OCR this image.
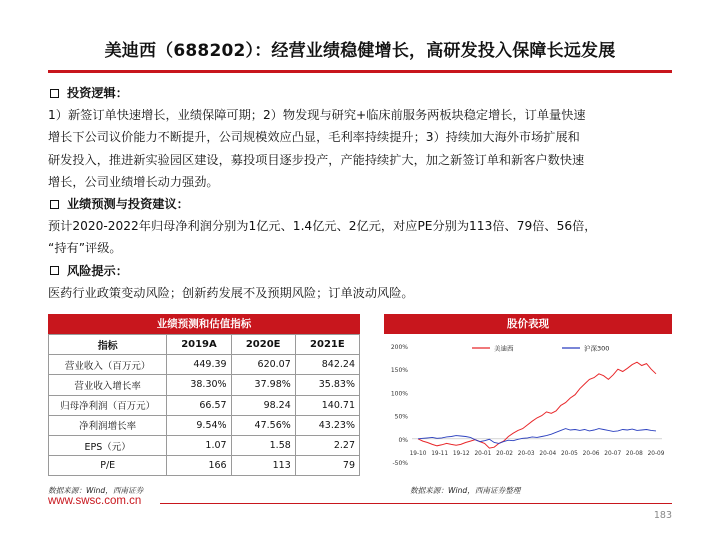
美迪西（688202）：经营业绩稳健增长，高研发投入保障长远发展
投资逻辑：
1）新签订单快速增长，业绩保障可期；2）物发现与研究+临床前服务两板块稳定增长，订单量快速
增长下公司议价能力不断提升，公司规模效应凸显，毛利率持续提升；3）持续加大海外市场扩展和
研发投入，推进新实验园区建设，募投项目逐步投产，产能持续扩大，加之新签订单和新客户数快速
增长，公司业绩增长动力强劲。
业绩预测与投资建议：
预计2020-2022年归母净利润分别为1亿元、1.4亿元、2亿元，对应PE分别为113倍、79倍、56倍，
“持有”评级。
风险提示：
医药行业政策变动风险；创新药发展不及预期风险；订单波动风险。
业绩预测和估值指标
指标	2019A	2020E	2021E
营业收入（百万元）	449.39	620.07	842.24
营业收入增长率	38.30%	37.98%	35.83%
归母净利润（百万元）	66.57	98.24	140.71
净利润增长率	9.54%	47.56%	43.23%
EPS（元）	1.07	1.58	2.27
P/E	166	113	79
数据来源：Wind，西南证券
股价表现
200%
150%
100%
50%
0%
-50%
19-10 19-11 19-12 20-01 20-02 20-03 20-04 20-05 20-06 20-07 20-08 20-09
美迪西	沪深300
数据来源：Wind，西南证券整理
www.swsc.com.cn
183
